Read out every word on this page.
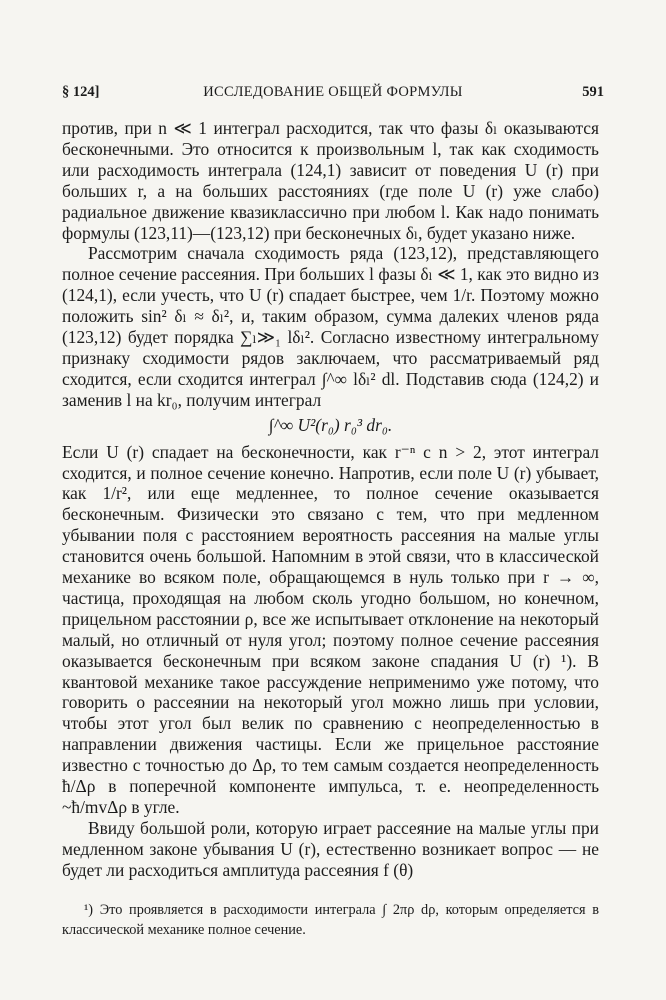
§ 124]	ИССЛЕДОВАНИЕ ОБЩЕЙ ФОРМУЛЫ	591

против, при n ≪ 1 интеграл расходится, так что фазы δₗ оказываются бесконечными. Это относится к произвольным l, так как сходимость или расходимость интеграла (124,1) зависит от поведения U (r) при больших r, а на больших расстояниях (где поле U (r) уже слабо) радиальное движение квазиклассично при любом l. Как надо понимать формулы (123,11)—(123,12) при бесконечных δₗ, будет указано ниже.

Рассмотрим сначала сходимость ряда (123,12), представляющего полное сечение рассеяния. При больших l фазы δₗ ≪ 1, как это видно из (124,1), если учесть, что U (r) спадает быстрее, чем 1/r. Поэтому можно положить sin² δₗ ≈ δₗ², и, таким образом, сумма далеких членов ряда (123,12) будет порядка ∑ₗ≫₁ lδₗ². Согласно известному интегральному признаку сходимости рядов заключаем, что рассматриваемый ряд сходится, если сходится интеграл ∫^∞ lδₗ² dl. Подставив сюда (124,2) и заменив l на kr₀, получим интеграл

∫^∞ U²(r₀) r₀³ dr₀.

Если U (r) спадает на бесконечности, как r⁻ⁿ с n > 2, этот интеграл сходится, и полное сечение конечно. Напротив, если поле U (r) убывает, как 1/r², или еще медленнее, то полное сечение оказывается бесконечным. Физически это связано с тем, что при медленном убывании поля с расстоянием вероятность рассеяния на малые углы становится очень большой. Напомним в этой связи, что в классической механике во всяком поле, обращающемся в нуль только при r → ∞, частица, проходящая на любом сколь угодно большом, но конечном, прицельном расстоянии ρ, все же испытывает отклонение на некоторый малый, но отличный от нуля угол; поэтому полное сечение рассеяния оказывается бесконечным при всяком законе спадания U (r) ¹). В квантовой механике такое рассуждение неприменимо уже потому, что говорить о рассеянии на некоторый угол можно лишь при условии, чтобы этот угол был велик по сравнению с неопределенностью в направлении движения частицы. Если же прицельное расстояние известно с точностью до Δρ, то тем самым создается неопределенность ħ/Δρ в поперечной компоненте импульса, т. е. неопределенность ~ħ/mvΔρ в угле.

Ввиду большой роли, которую играет рассеяние на малые углы при медленном законе убывания U (r), естественно возникает вопрос — не будет ли расходиться амплитуда рассеяния f (θ)

¹) Это проявляется в расходимости интеграла ∫ 2πρ dρ, которым определяется в классической механике полное сечение.
